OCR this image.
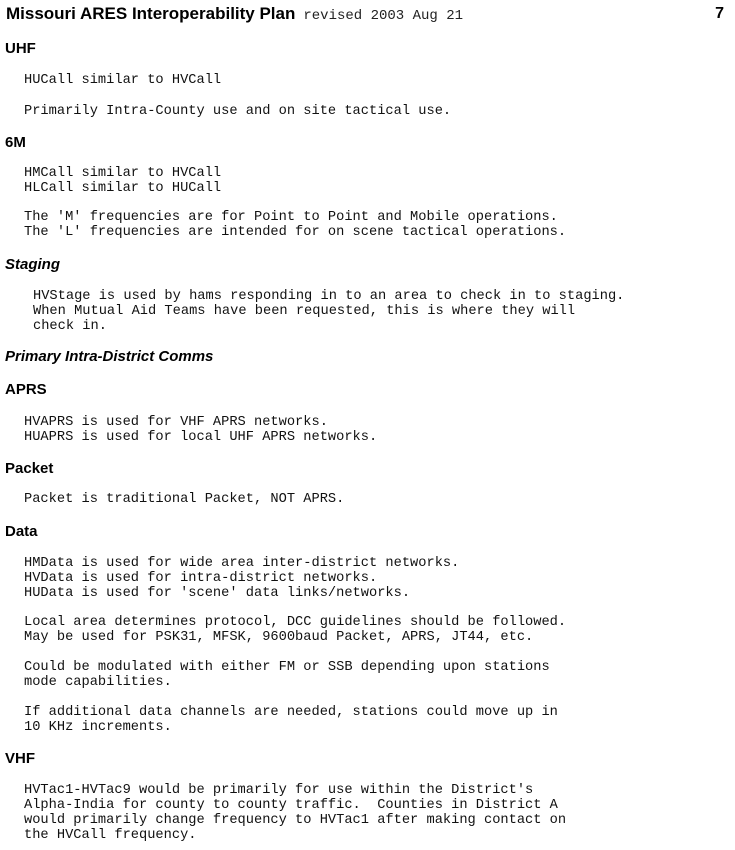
Missouri ARES Interoperability Plan revised 2003 Aug 21	7
UHF
HUCall similar to HVCall
Primarily Intra-County use and on site tactical use.
6M
HMCall similar to HVCall
HLCall similar to HUCall
The 'M' frequencies are for Point to Point and Mobile operations.
The 'L' frequencies are intended for on scene tactical operations.
Staging
HVStage is used by hams responding in to an area to check in to staging.
When Mutual Aid Teams have been requested, this is where they will
check in.
Primary Intra-District Comms
APRS
HVAPRS is used for VHF APRS networks.
HUAPRS is used for local UHF APRS networks.
Packet
Packet is traditional Packet, NOT APRS.
Data
HMData is used for wide area inter-district networks.
HVData is used for intra-district networks.
HUData is used for 'scene' data links/networks.
Local area determines protocol, DCC guidelines should be followed.
May be used for PSK31, MFSK, 9600baud Packet, APRS, JT44, etc.
Could be modulated with either FM or SSB depending upon stations
mode capabilities.
If additional data channels are needed, stations could move up in
10 KHz increments.
VHF
HVTac1-HVTac9 would be primarily for use within the District's
Alpha-India for county to county traffic.  Counties in District A
would primarily change frequency to HVTac1 after making contact on
the HVCall frequency.
